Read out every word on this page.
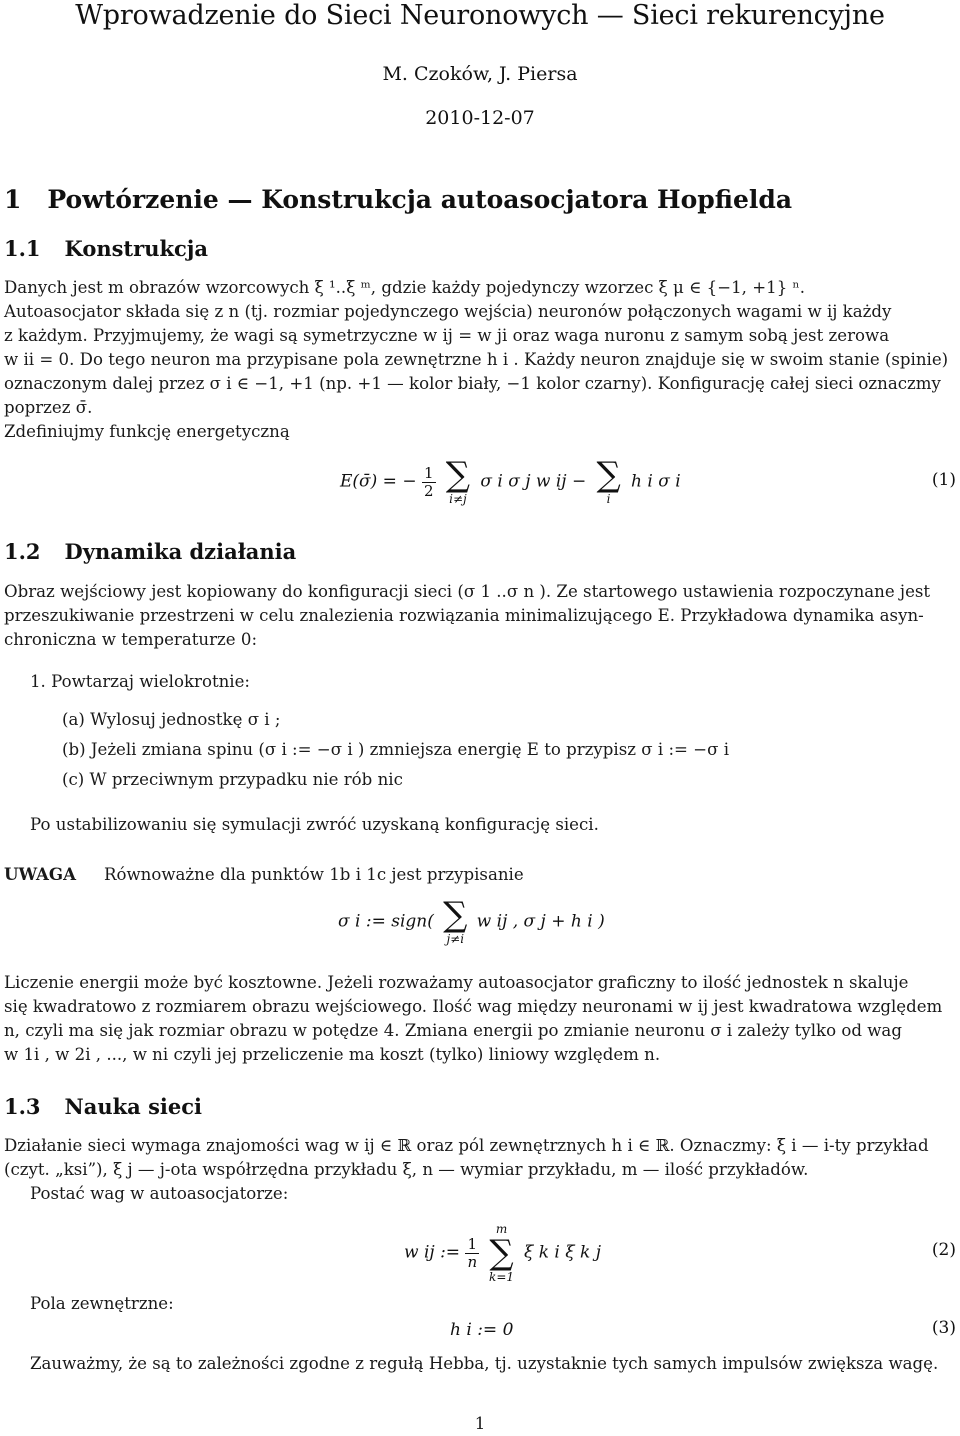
Wprowadzenie do Sieci Neuronowych — Sieci rekurencyjne
M. Czoków, J. Piersa
2010-12-07
1 Powtórzenie — Konstrukcja autoasocjatora Hopfielda
1.1 Konstrukcja
Danych jest m obrazów wzorcowych ξ ¹..ξ ᵐ, gdzie każdy pojedynczy wzorzec ξ μ ∈ {−1, +1} ⁿ.
Autoasocjator składa się z n (tj. rozmiar pojedynczego wejścia) neuronów połączonych wagami w ij każdy
z każdym. Przyjmujemy, że wagi są symetrzyczne w ij = w ji oraz waga nuronu z samym sobą jest zerowa
w ii = 0. Do tego neuron ma przypisane pola zewnętrzne h i . Każdy neuron znajduje się w swoim stanie (spinie)
oznaczonym dalej przez σ i ∈ −1, +1 (np. +1 — kolor biały, −1 kolor czarny). Konfigurację całej sieci oznaczmy
poprzez σ̄.
Zdefiniujmy funkcję energetyczną
E(σ̄) = − $\frac{1}{2}$
∑
i≠j
σ i σ j w ij − ∑
i
h i σ i	(1)
1.2 Dynamika działania
Obraz wejściowy jest kopiowany do konfiguracji sieci (σ 1 ..σ n ). Ze startowego ustawienia rozpoczynane jest
przeszukiwanie przestrzeni w celu znalezienia rozwiązania minimalizującego E. Przykładowa dynamika asyn-
chroniczna w temperaturze 0:
1. Powtarzaj wielokrotnie:
(a) Wylosuj jednostkę σ i ;
(b) Jeżeli zmiana spinu (σ i := −σ i ) zmniejsza energię E to przypisz σ i := −σ i
(c) W przeciwnym przypadku nie rób nic
Po ustabilizowaniu się symulacji zwróć uzyskaną konfigurację sieci.
UWAGA Równoważne dla punktów 1b i 1c jest przypisanie
σ i := sign( ∑
j≠i
w ij , σ j + h i )
Liczenie energii może być kosztowne. Jeżeli rozważamy autoasocjator graficzny to ilość jednostek n skaluje
się kwadratowo z rozmiarem obrazu wejściowego. Ilość wag między neuronami w ij jest kwadratowa względem
n, czyli ma się jak rozmiar obrazu w potędze 4. Zmiana energii po zmianie neuronu σ i zależy tylko od wag
w 1i , w 2i , ..., w ni czyli jej przeliczenie ma koszt (tylko) liniowy względem n.
1.3 Nauka sieci
Działanie sieci wymaga znajomości wag w ij ∈ ℝ oraz pól zewnętrznych h i ∈ ℝ. Oznaczmy: ξ i — i-ty przykład
(czyt. „ksi”), ξ j — j-ota współrzędna przykładu ξ, n — wymiar przykładu, m — ilość przykładów.
Postać wag w autoasocjatorze:
w ij := $\frac{1}{n}$

m
∑
k=1
ξ k i ξ k j	(2)
Pola zewnętrzne:
h i := 0	(3)
Zauważmy, że są to zależności zgodne z regułą Hebba, tj. uzystaknie tych samych impulsów zwiększa wagę.
1
